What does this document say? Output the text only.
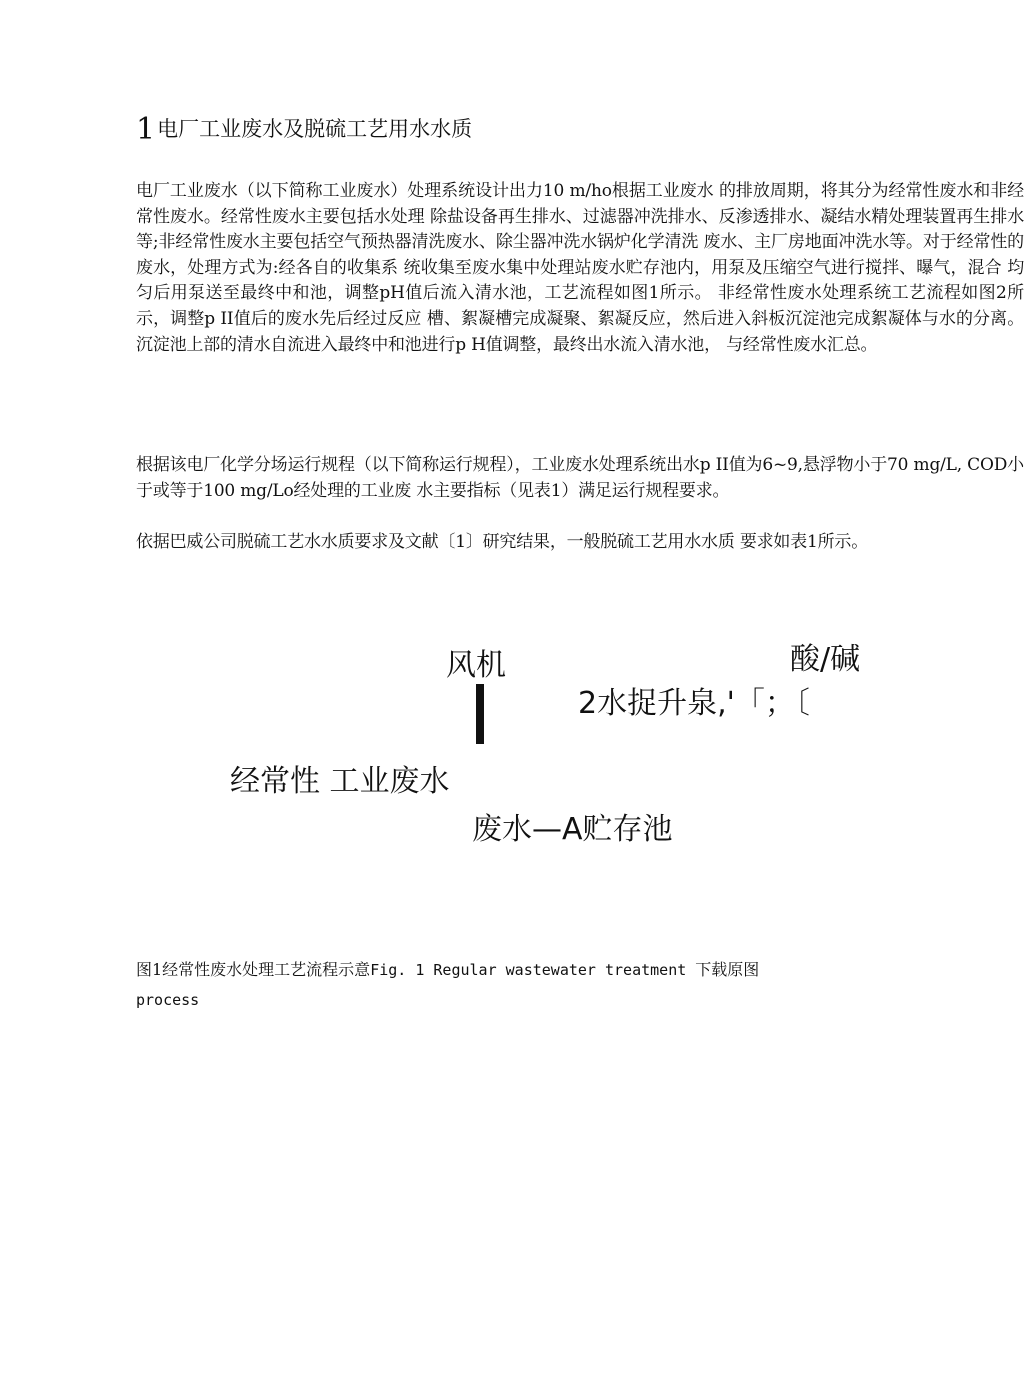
1电厂工业废水及脱硫工艺用水水质

电厂工业废水（以下简称工业废水）处理系统设计出力10 m/ho根据工业废水 的排放周期，将其分为经常性废水和非经常性废水。经常性废水主要包括水处理 除盐设备再生排水、过滤器冲洗排水、反渗透排水、凝结水精处理装置再生排水 等;非经常性废水主要包括空气预热器清洗废水、除尘器冲洗水锅炉化学清洗 废水、主厂房地面冲洗水等。对于经常性的废水，处理方式为:经各自的收集系 统收集至废水集中处理站废水贮存池内，用泵及压缩空气进行搅拌、曝气，混合 均匀后用泵送至最终中和池，调整pH值后流入清水池，工艺流程如图1所示。 非经常性废水处理系统工艺流程如图2所示，调整p II值后的废水先后经过反应 槽、絮凝槽完成凝聚、絮凝反应，然后进入斜板沉淀池完成絮凝体与水的分离。 沉淀池上部的清水自流进入最终中和池进行p H值调整，最终出水流入清水池， 与经常性废水汇总。

根据该电厂化学分场运行规程（以下简称运行规程），工业废水处理系统出水p II值为6~9,悬浮物小于70 mg/L, COD小于或等于100 mg/Lo经处理的工业废 水主要指标（见表1）满足运行规程要求。

依据巴威公司脱硫工艺水水质要求及文献〔1〕研究结果，一般脱硫工艺用水水质 要求如表1所示。

风机	酸/碱
2水捉升泉,'「；〔
经常性 工业废水
废水—A贮存池

图1经常性废水处理工艺流程示意Fig. 1 Regular wastewater treatment 下载原图
process
